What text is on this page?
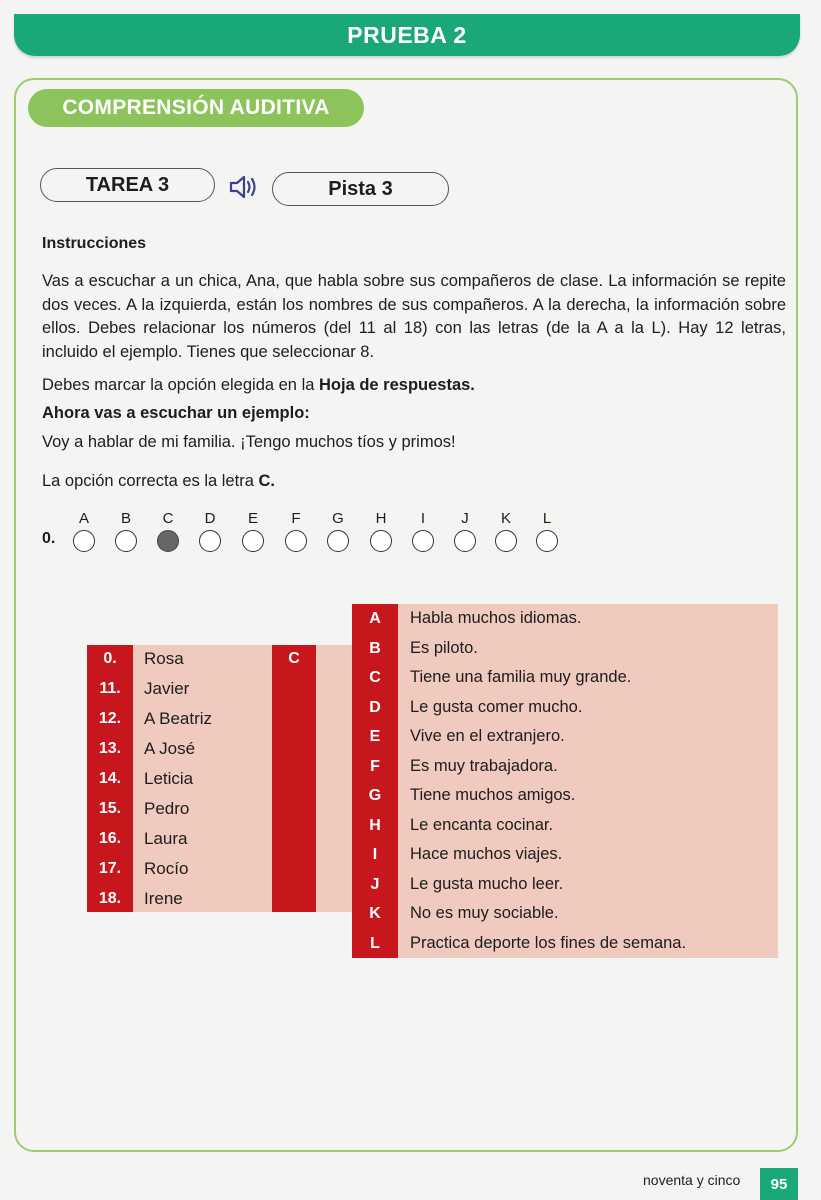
PRUEBA 2
COMPRENSIÓN AUDITIVA
TAREA 3	Pista 3
Instrucciones
Vas a escuchar a un chica, Ana, que habla sobre sus compañeros de clase. La información se repite dos veces. A la izquierda, están los nombres de sus compañeros. A la derecha, la información sobre ellos. Debes relacionar los números (del 11 al 18) con las letras (de la A a la L). Hay 12 letras, incluido el ejemplo. Tienes que seleccionar 8.
Debes marcar la opción elegida en la Hoja de respuestas.
Ahora vas a escuchar un ejemplo:
Voy a hablar de mi familia. ¡Tengo muchos tíos y primos!
La opción correcta es la letra C.
0.
A	B	C	D	E	F	G	H	I	J	K	L
0.	Rosa	C
11.	Javier
12.	A Beatriz
13.	A José
14.	Leticia
15.	Pedro
16.	Laura
17.	Rocío
18.	Irene
A	Habla muchos idiomas.
B	Es piloto.
C	Tiene una familia muy grande.
D	Le gusta comer mucho.
E	Vive en el extranjero.
F	Es muy trabajadora.
G	Tiene muchos amigos.
H	Le encanta cocinar.
I	Hace muchos viajes.
J	Le gusta mucho leer.
K	No es muy sociable.
L	Practica deporte los fines de semana.
noventa y cinco	95
